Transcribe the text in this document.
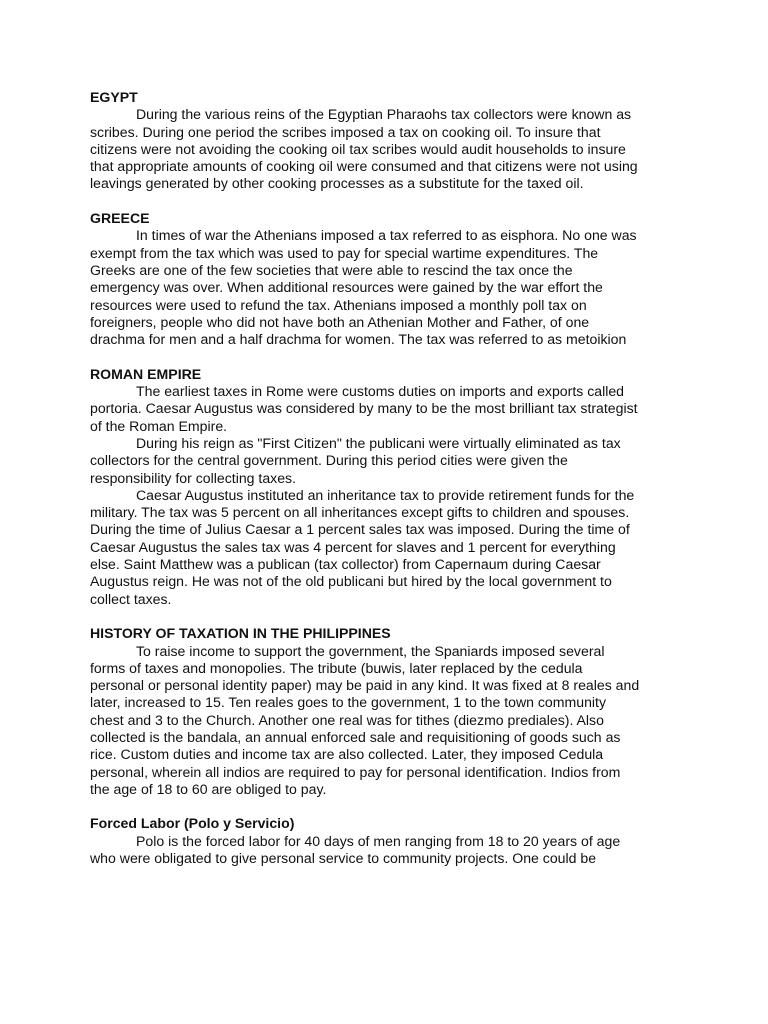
EGYPT
During the various reins of the Egyptian Pharaohs tax collectors were known as
scribes. During one period the scribes imposed a tax on cooking oil. To insure that
citizens were not avoiding the cooking oil tax scribes would audit households to insure
that appropriate amounts of cooking oil were consumed and that citizens were not using
leavings generated by other cooking processes as a substitute for the taxed oil.
GREECE
In times of war the Athenians imposed a tax referred to as eisphora. No one was
exempt from the tax which was used to pay for special wartime expenditures. The
Greeks are one of the few societies that were able to rescind the tax once the
emergency was over. When additional resources were gained by the war effort the
resources were used to refund the tax. Athenians imposed a monthly poll tax on
foreigners, people who did not have both an Athenian Mother and Father, of one
drachma for men and a half drachma for women. The tax was referred to as metoikion
ROMAN EMPIRE
The earliest taxes in Rome were customs duties on imports and exports called
portoria. Caesar Augustus was considered by many to be the most brilliant tax strategist
of the Roman Empire.
During his reign as "First Citizen" the publicani were virtually eliminated as tax
collectors for the central government. During this period cities were given the
responsibility for collecting taxes.
Caesar Augustus instituted an inheritance tax to provide retirement funds for the
military. The tax was 5 percent on all inheritances except gifts to children and spouses.
During the time of Julius Caesar a 1 percent sales tax was imposed. During the time of
Caesar Augustus the sales tax was 4 percent for slaves and 1 percent for everything
else. Saint Matthew was a publican (tax collector) from Capernaum during Caesar
Augustus reign. He was not of the old publicani but hired by the local government to
collect taxes.
HISTORY OF TAXATION IN THE PHILIPPINES
To raise income to support the government, the Spaniards imposed several
forms of taxes and monopolies. The tribute (buwis, later replaced by the cedula
personal or personal identity paper) may be paid in any kind. It was fixed at 8 reales and
later, increased to 15. Ten reales goes to the government, 1 to the town community
chest and 3 to the Church. Another one real was for tithes (diezmo prediales). Also
collected is the bandala, an annual enforced sale and requisitioning of goods such as
rice. Custom duties and income tax are also collected. Later, they imposed Cedula
personal, wherein all indios are required to pay for personal identification. Indios from
the age of 18 to 60 are obliged to pay.
Forced Labor (Polo y Servicio)
Polo is the forced labor for 40 days of men ranging from 18 to 20 years of age
who were obligated to give personal service to community projects. One could be
